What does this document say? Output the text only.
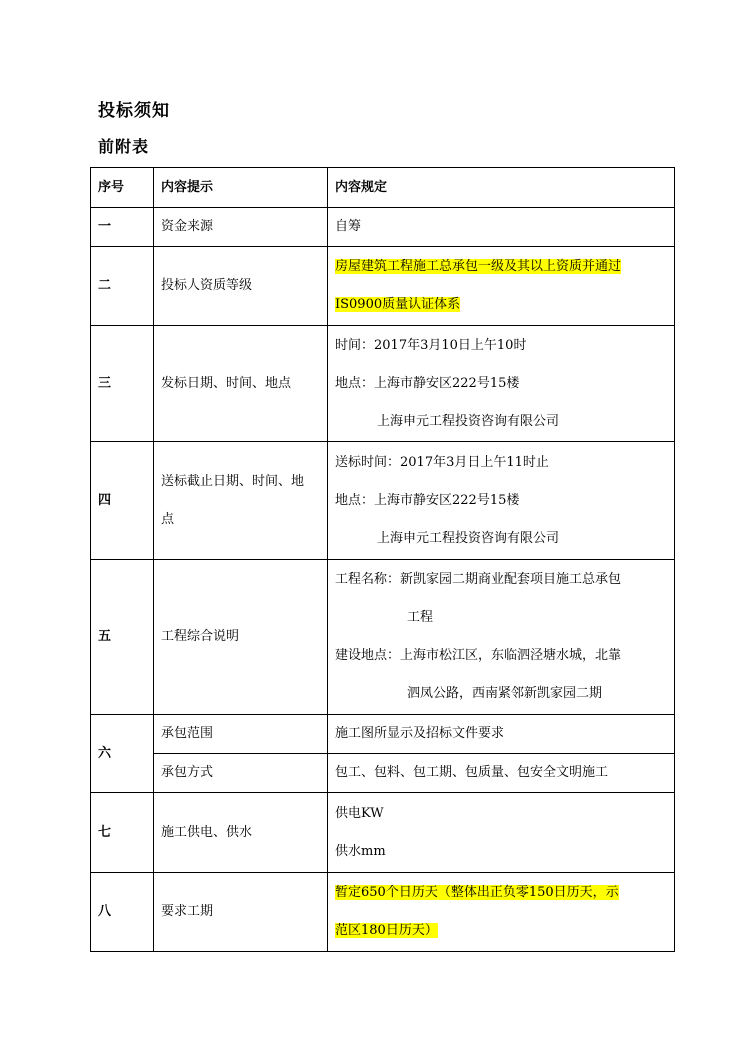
投标须知
前附表
序号	内容提示	内容规定
一	资金来源	自筹

二	投标人资质等级	房屋建筑工程施工总承包一级及其以上资质并通过
IS0900质量认证体系

三	发标日期、时间、地点	时间：2017年3月10日上午10时
地点：上海市静安区222号15楼
上海申元工程投资咨询有限公司

四	送标截止日期、时间、地
点	送标时间：2017年3月日上午11时止
地点：上海市静安区222号15楼
上海申元工程投资咨询有限公司

五	工程综合说明	工程名称：新凯家园二期商业配套项目施工总承包
工程
建设地点：上海市松江区，东临泗泾塘水城，北靠
泗凤公路，西南紧邻新凯家园二期

六	承包范围	施工图所显示及招标文件要求

	承包方式	包工、包料、包工期、包质量、包安全文明施工

七	施工供电、供水	供电KW
供水mm

八	要求工期	暂定650个日历天（整体出正负零150日历天，示
范区180日历天）
